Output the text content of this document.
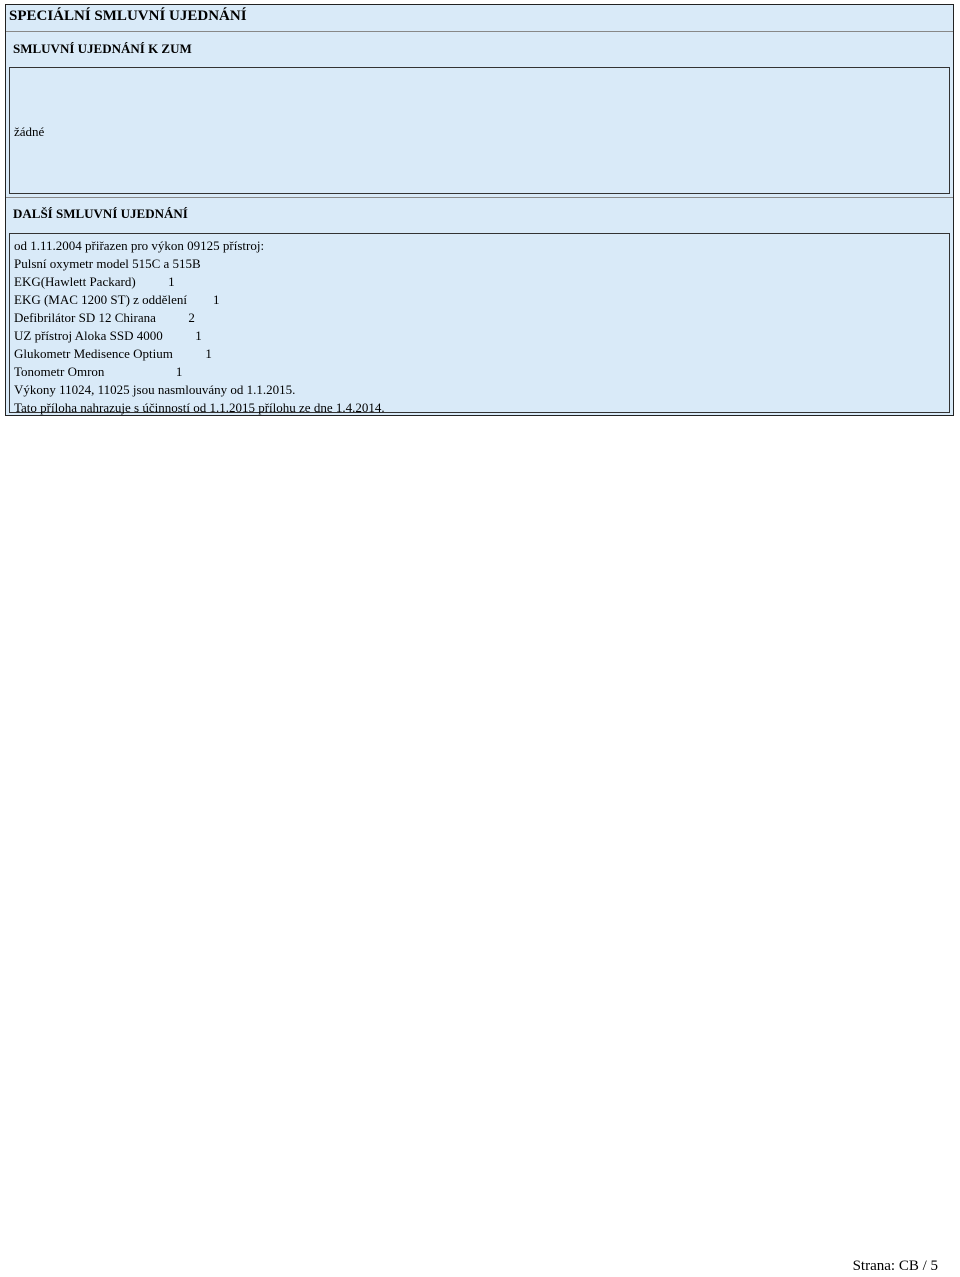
SPECIÁLNÍ SMLUVNÍ UJEDNÁNÍ
SMLUVNÍ UJEDNÁNÍ K ZUM
žádné
DALŠÍ SMLUVNÍ UJEDNÁNÍ
od 1.11.2004 přiřazen pro výkon 09125 přístroj:
Pulsní oxymetr model 515C a 515B
EKG(Hawlett Packard)          1
EKG (MAC 1200 ST) z oddělení        1
Defibrilátor SD 12 Chirana          2
UZ přístroj Aloka SSD 4000          1
Glukometr Medisence Optium          1
Tonometr Omron                      1
Výkony 11024, 11025 jsou nasmlouvány od 1.1.2015.
Tato příloha nahrazuje s účinností od 1.1.2015 přílohu ze dne 1.4.2014.
Strana: CB / 5
